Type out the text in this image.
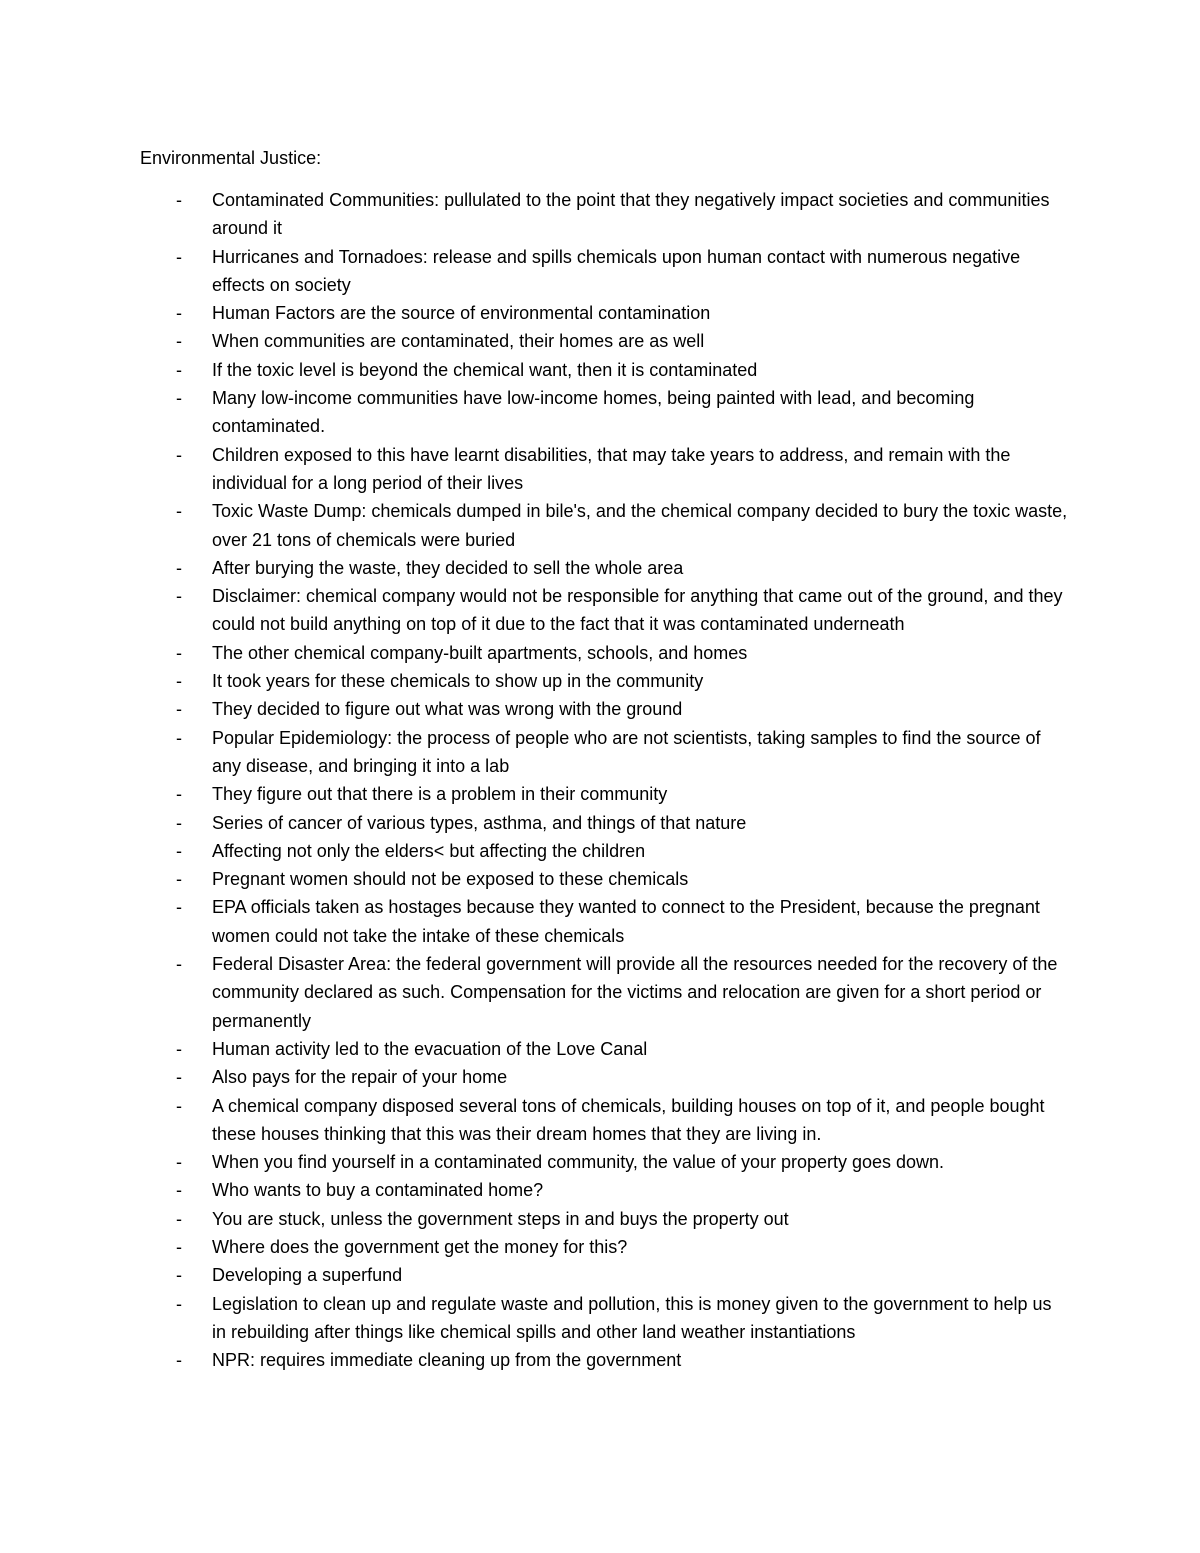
Environmental Justice:
-	Contaminated Communities: pullulated to the point that they negatively impact societies and communities around it
-	Hurricanes and Tornadoes: release and spills chemicals upon human contact with numerous negative effects on society
-	Human Factors are the source of environmental contamination
-	When communities are contaminated, their homes are as well
-	If the toxic level is beyond the chemical want, then it is contaminated
-	Many low-income communities have low-income homes, being painted with lead, and becoming contaminated.
-	Children exposed to this have learnt disabilities, that may take years to address, and remain with the individual for a long period of their lives
-	Toxic Waste Dump: chemicals dumped in bile's, and the chemical company decided to bury the toxic waste, over 21 tons of chemicals were buried
-	After burying the waste, they decided to sell the whole area
-	Disclaimer: chemical company would not be responsible for anything that came out of the ground, and they could not build anything on top of it due to the fact that it was contaminated underneath
-	The other chemical company-built apartments, schools, and homes
-	It took years for these chemicals to show up in the community
-	They decided to figure out what was wrong with the ground
-	Popular Epidemiology: the process of people who are not scientists, taking samples to find the source of any disease, and bringing it into a lab
-	They figure out that there is a problem in their community
-	Series of cancer of various types, asthma, and things of that nature
-	Affecting not only the elders< but affecting the children
-	Pregnant women should not be exposed to these chemicals
-	EPA officials taken as hostages because they wanted to connect to the President, because the pregnant women could not take the intake of these chemicals
-	Federal Disaster Area: the federal government will provide all the resources needed for the recovery of the community declared as such. Compensation for the victims and relocation are given for a short period or permanently
-	Human activity led to the evacuation of the Love Canal
-	Also pays for the repair of your home
-	A chemical company disposed several tons of chemicals, building houses on top of it, and people bought these houses thinking that this was their dream homes that they are living in.
-	When you find yourself in a contaminated community, the value of your property goes down.
-	Who wants to buy a contaminated home?
-	You are stuck, unless the government steps in and buys the property out
-	Where does the government get the money for this?
-	Developing a superfund
-	Legislation to clean up and regulate waste and pollution, this is money given to the government to help us in rebuilding after things like chemical spills and other land weather instantiations
-	NPR: requires immediate cleaning up from the government
